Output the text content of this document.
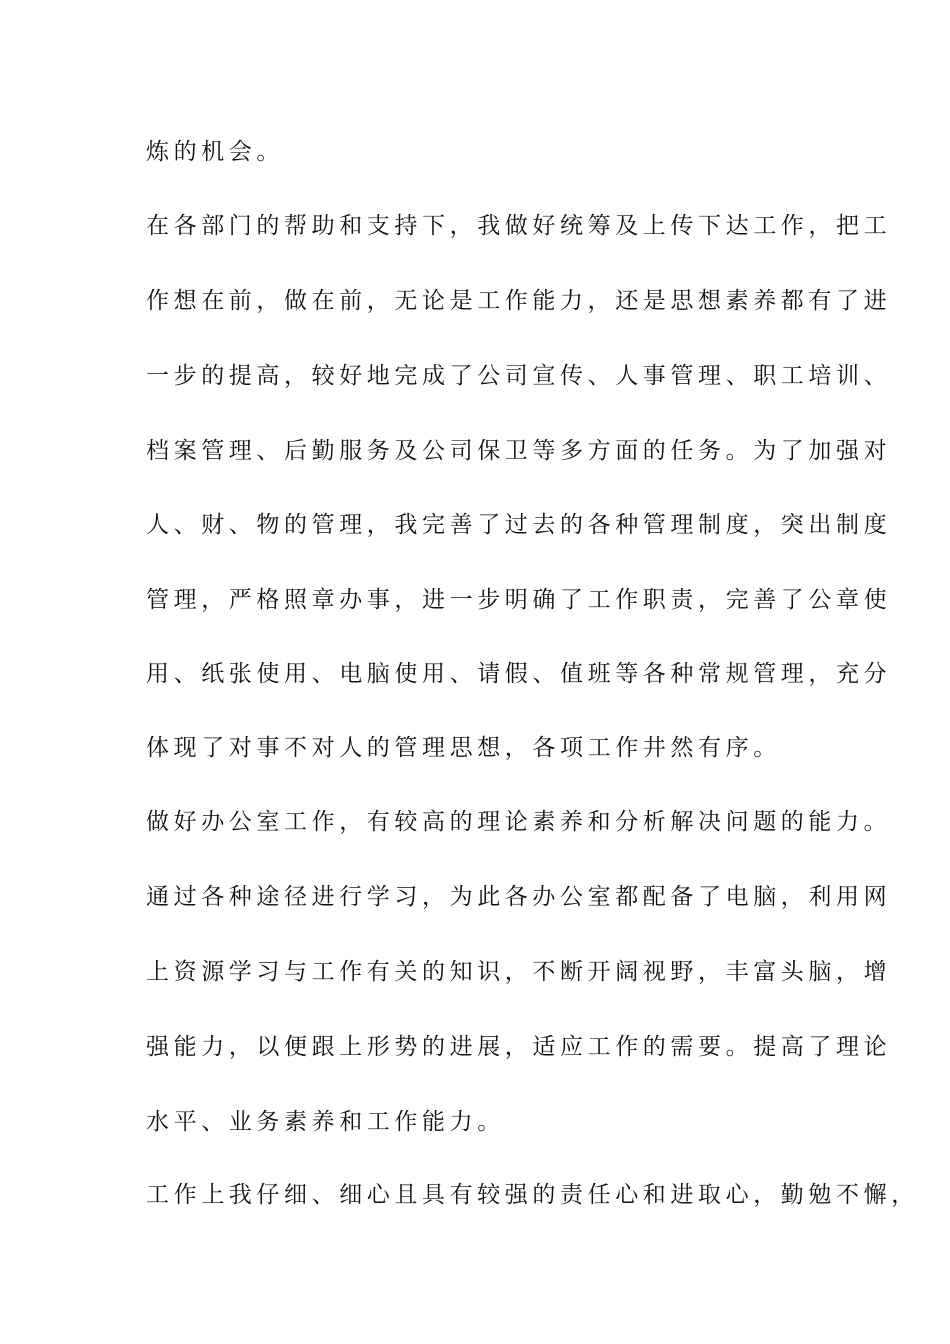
炼的机会。
在各部门的帮助和支持下，我做好统筹及上传下达工作，把工
作想在前，做在前，无论是工作能力，还是思想素养都有了进
一步的提高，较好地完成了公司宣传、人事管理、职工培训、
档案管理、后勤服务及公司保卫等多方面的任务。为了加强对
人、财、物的管理，我完善了过去的各种管理制度，突出制度
管理，严格照章办事，进一步明确了工作职责，完善了公章使
用、纸张使用、电脑使用、请假、值班等各种常规管理，充分
体现了对事不对人的管理思想，各项工作井然有序。
做好办公室工作，有较高的理论素养和分析解决问题的能力。
通过各种途径进行学习，为此各办公室都配备了电脑，利用网
上资源学习与工作有关的知识，不断开阔视野，丰富头脑，增
强能力，以便跟上形势的进展，适应工作的需要。提高了理论
水平、业务素养和工作能力。
工作上我仔细、细心且具有较强的责任心和进取心，勤勉不懈，
